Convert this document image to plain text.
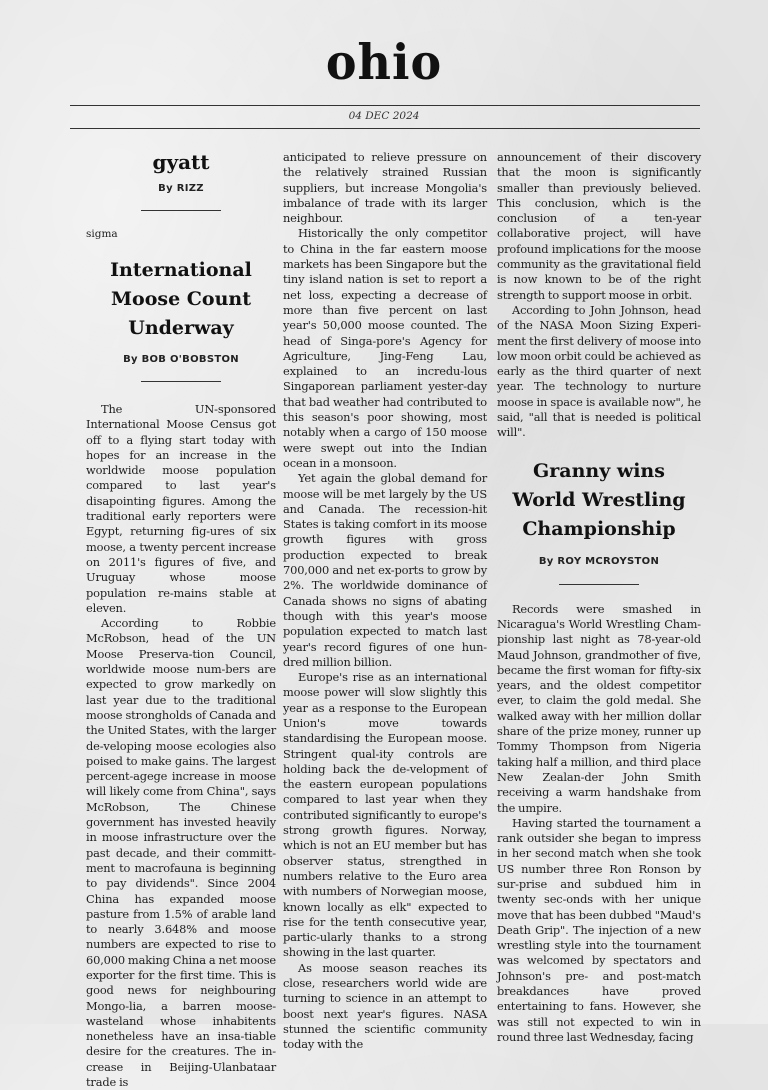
ohio
04 DEC 2024
gyatt

By RIZZ

sigma

International
Moose Count
Underway

By BOB O'BOBSTON

The UN-sponsored International Moose Census got off to a flying start today with hopes for an increase in the worldwide moose population compared to last year's disapointing figures. Among the traditional early reporters were Egypt, returning fig-ures of six moose, a twenty percent increase on 2011's figures of five, and Uruguay whose moose population re-mains stable at eleven.

According to Robbie McRobson, head of the UN Moose Preserva-tion Council, worldwide moose num-bers are expected to grow markedly on last year due to the traditional moose strongholds of Canada and the United States, with the larger de-veloping moose ecologies also poised to make gains. The largest percent-agege increase in moose will likely come from China", says McRobson, The Chinese government has invested heavily in moose infrastructure over the past decade, and their committ-ment to macrofauna is beginning to pay dividends". Since 2004 China has expanded moose pasture from 1.5% of arable land to nearly 3.648% and moose numbers are expected to rise to 60,000 making China a net moose exporter for the first time. This is good news for neighbouring Mongo-lia, a barren moose-wasteland whose inhabitents nonetheless have an insa-tiable desire for the creatures. The in-crease in Beijing-Ulanbataar trade is

anticipated to relieve pressure on the relatively strained Russian suppliers, but increase Mongolia's imbalance of trade with its larger neighbour.

Historically the only competitor to China in the far eastern moose markets has been Singapore but the tiny island nation is set to report a net loss, expecting a decrease of more than five percent on last year's 50,000 moose counted. The head of Singa-pore's Agency for Agriculture, Jing-Feng Lau, explained to an incredu-lous Singaporean parliament yester-day that bad weather had contributed to this season's poor showing, most notably when a cargo of 150 moose were swept out into the Indian ocean in a monsoon.

Yet again the global demand for moose will be met largely by the US and Canada. The recession-hit States is taking comfort in its moose growth figures with gross production expected to break 700,000 and net ex-ports to grow by 2%. The worldwide dominance of Canada shows no signs of abating though with this year's moose population expected to match last year's record figures of one hun-dred million billion.

Europe's rise as an international moose power will slow slightly this year as a response to the European Union's move towards standardising the European moose. Stringent qual-ity controls are holding back the de-velopment of the eastern european populations compared to last year when they contributed significantly to europe's strong growth figures. Norway, which is not an EU member but has observer status, strengthed in numbers relative to the Euro area with numbers of Norwegian moose, known locally as elk" expected to rise for the tenth consecutive year, partic-ularly thanks to a strong showing in the last quarter.

As moose season reaches its close, researchers world wide are turning to science in an attempt to boost next year's figures. NASA stunned the scientific community today with the

announcement of their discovery that the moon is significantly smaller than previously believed. This conclusion, which is the conclusion of a ten-year collaborative project, will have profound implications for the moose community as the gravitational field is now known to be of the right strength to support moose in orbit.

According to John Johnson, head of the NASA Moon Sizing Experi-ment the first delivery of moose into low moon orbit could be achieved as early as the third quarter of next year. The technology to nurture moose in space is available now", he said, "all that is needed is political will".

Granny wins
World Wrestling
Championship

By ROY MCROYSTON

Records were smashed in Nicaragua's World Wrestling Cham-pionship last night as 78-year-old Maud Johnson, grandmother of five, became the first woman for fifty-six years, and the oldest competitor ever, to claim the gold medal. She walked away with her million dollar share of the prize money, runner up Tommy Thompson from Nigeria taking half a million, and third place New Zealan-der John Smith receiving a warm handshake from the umpire.

Having started the tournament a rank outsider she began to impress in her second match when she took US number three Ron Ronson by sur-prise and subdued him in twenty sec-onds with her unique move that has been dubbed "Maud's Death Grip". The injection of a new wrestling style into the tournament was welcomed by spectators and Johnson's pre- and post-match breakdances have proved entertaining to fans. However, she was still not expected to win in round three last Wednesday, facing
